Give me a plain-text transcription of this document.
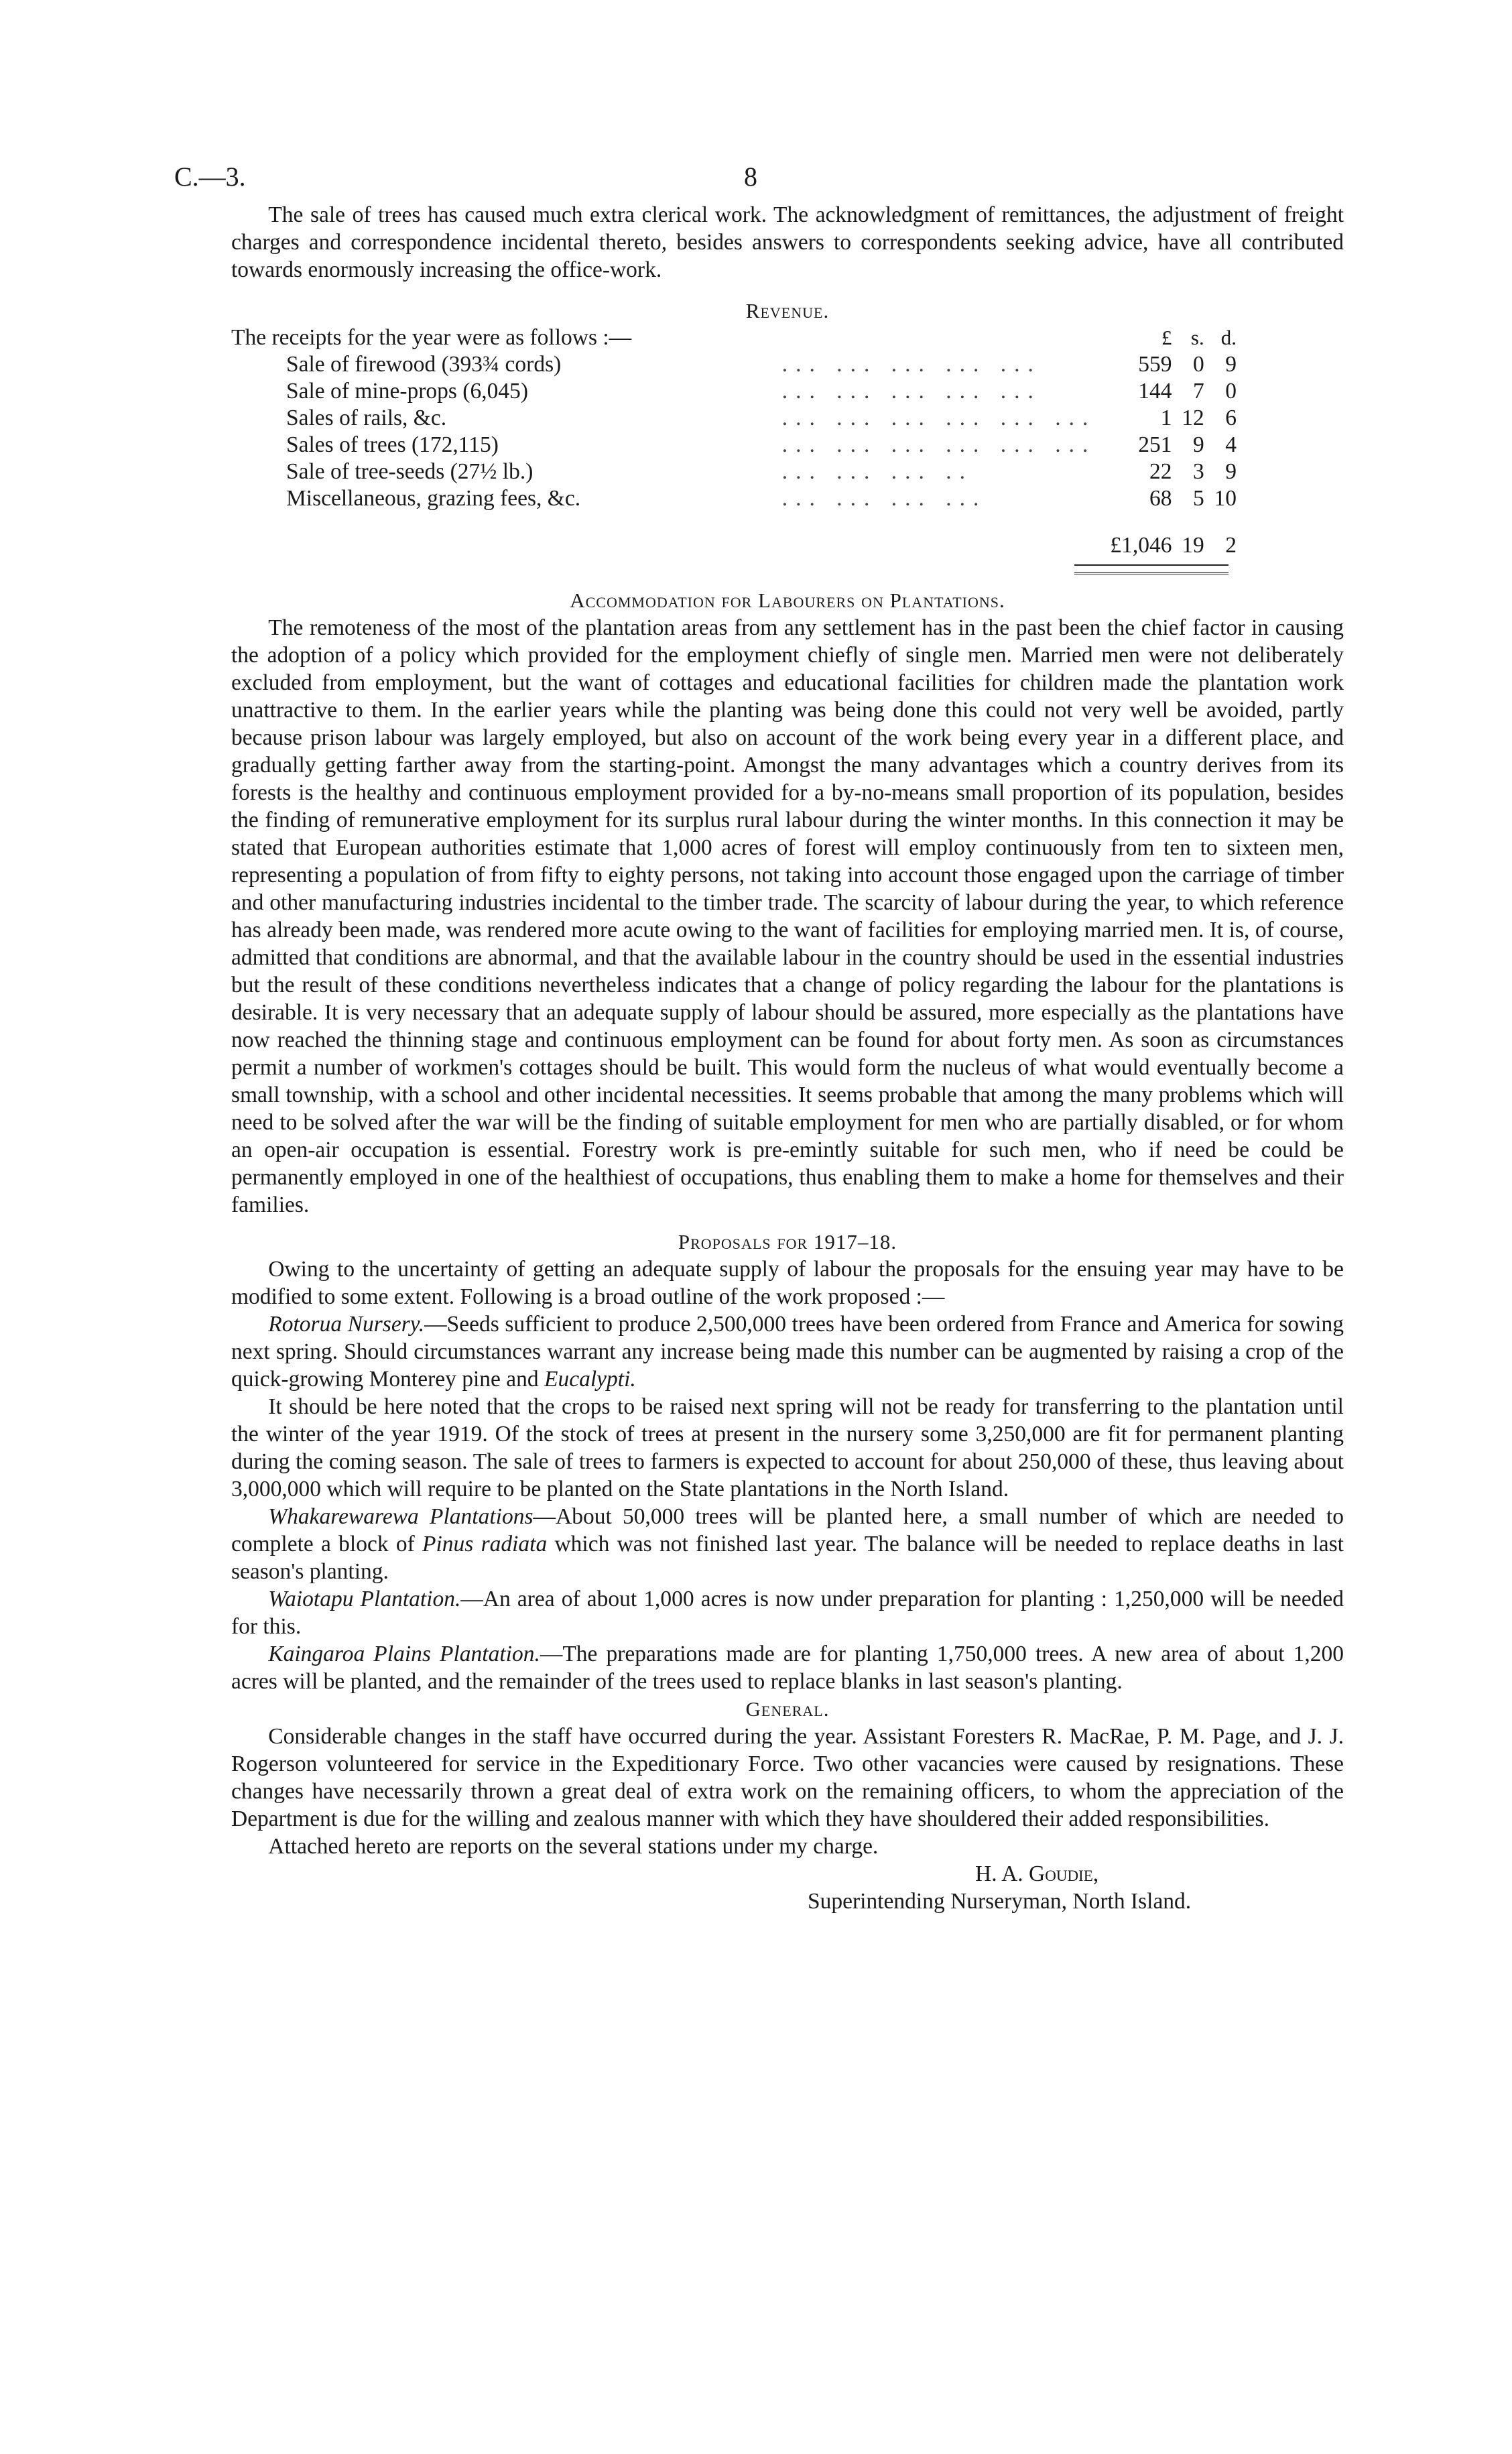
C.—3.	8

The sale of trees has caused much extra clerical work. The acknowledgment of remittances, the adjustment of freight charges and correspondence incidental thereto, besides answers to correspondents seeking advice, have all contributed towards enormously increasing the office-work.

Revenue.
The receipts for the year were as follows :—		£	s.	d.
Sale of firewood (393¾ cords)	... ... ... ... ...	559	0	9
Sale of mine-props (6,045)	... ... ... ... ...	144	7	0
Sales of rails, &c.	... ... ... ... ... ...	1	12	6
Sales of trees (172,115)	... ... ... ... ... ...	251	9	4
Sale of tree-seeds (27½ lb.)	... ... ... ..	22	3	9
Miscellaneous, grazing fees, &c.	... ... ... ...	68	5	10
		£1,046	19	2
Accommodation for Labourers on Plantations.

The remoteness of the most of the plantation areas from any settlement has in the past been the chief factor in causing the adoption of a policy which provided for the employment chiefly of single men. Married men were not deliberately excluded from employment, but the want of cottages and educational facilities for children made the plantation work unattractive to them. In the earlier years while the planting was being done this could not very well be avoided, partly because prison labour was largely employed, but also on account of the work being every year in a different place, and gradually getting farther away from the starting-point. Amongst the many advantages which a country derives from its forests is the healthy and continuous employment provided for a by-no-means small proportion of its population, besides the finding of remunerative employment for its surplus rural labour during the winter months. In this connection it may be stated that European authorities estimate that 1,000 acres of forest will employ continuously from ten to sixteen men, representing a population of from fifty to eighty persons, not taking into account those engaged upon the carriage of timber and other manufacturing industries incidental to the timber trade. The scarcity of labour during the year, to which reference has already been made, was rendered more acute owing to the want of facilities for employing married men. It is, of course, admitted that conditions are abnormal, and that the available labour in the country should be used in the essential industries but the result of these conditions nevertheless indicates that a change of policy regarding the labour for the plantations is desirable. It is very necessary that an adequate supply of labour should be assured, more especially as the plantations have now reached the thinning stage and continuous employment can be found for about forty men. As soon as circumstances permit a number of workmen's cottages should be built. This would form the nucleus of what would eventually become a small township, with a school and other incidental necessities. It seems probable that among the many problems which will need to be solved after the war will be the finding of suitable employment for men who are partially disabled, or for whom an open-air occupation is essential. Forestry work is pre-emintly suitable for such men, who if need be could be permanently employed in one of the healthiest of occupations, thus enabling them to make a home for themselves and their families.

Proposals for 1917–18.

Owing to the uncertainty of getting an adequate supply of labour the proposals for the ensuing year may have to be modified to some extent. Following is a broad outline of the work proposed :—

Rotorua Nursery.—Seeds sufficient to produce 2,500,000 trees have been ordered from France and America for sowing next spring. Should circumstances warrant any increase being made this number can be augmented by raising a crop of the quick-growing Monterey pine and Eucalypti.

It should be here noted that the crops to be raised next spring will not be ready for transferring to the plantation until the winter of the year 1919. Of the stock of trees at present in the nursery some 3,250,000 are fit for permanent planting during the coming season. The sale of trees to farmers is expected to account for about 250,000 of these, thus leaving about 3,000,000 which will require to be planted on the State plantations in the North Island.

Whakarewarewa Plantations—About 50,000 trees will be planted here, a small number of which are needed to complete a block of Pinus radiata which was not finished last year. The balance will be needed to replace deaths in last season's planting.

Waiotapu Plantation.—An area of about 1,000 acres is now under preparation for planting : 1,250,000 will be needed for this.

Kaingaroa Plains Plantation.—The preparations made are for planting 1,750,000 trees. A new area of about 1,200 acres will be planted, and the remainder of the trees used to replace blanks in last season's planting.

General.

Considerable changes in the staff have occurred during the year. Assistant Foresters R. MacRae, P. M. Page, and J. J. Rogerson volunteered for service in the Expeditionary Force. Two other vacancies were caused by resignations. These changes have necessarily thrown a great deal of extra work on the remaining officers, to whom the appreciation of the Department is due for the willing and zealous manner with which they have shouldered their added responsibilities.

Attached hereto are reports on the several stations under my charge.

H. A. Goudie,
Superintending Nurseryman, North Island.
